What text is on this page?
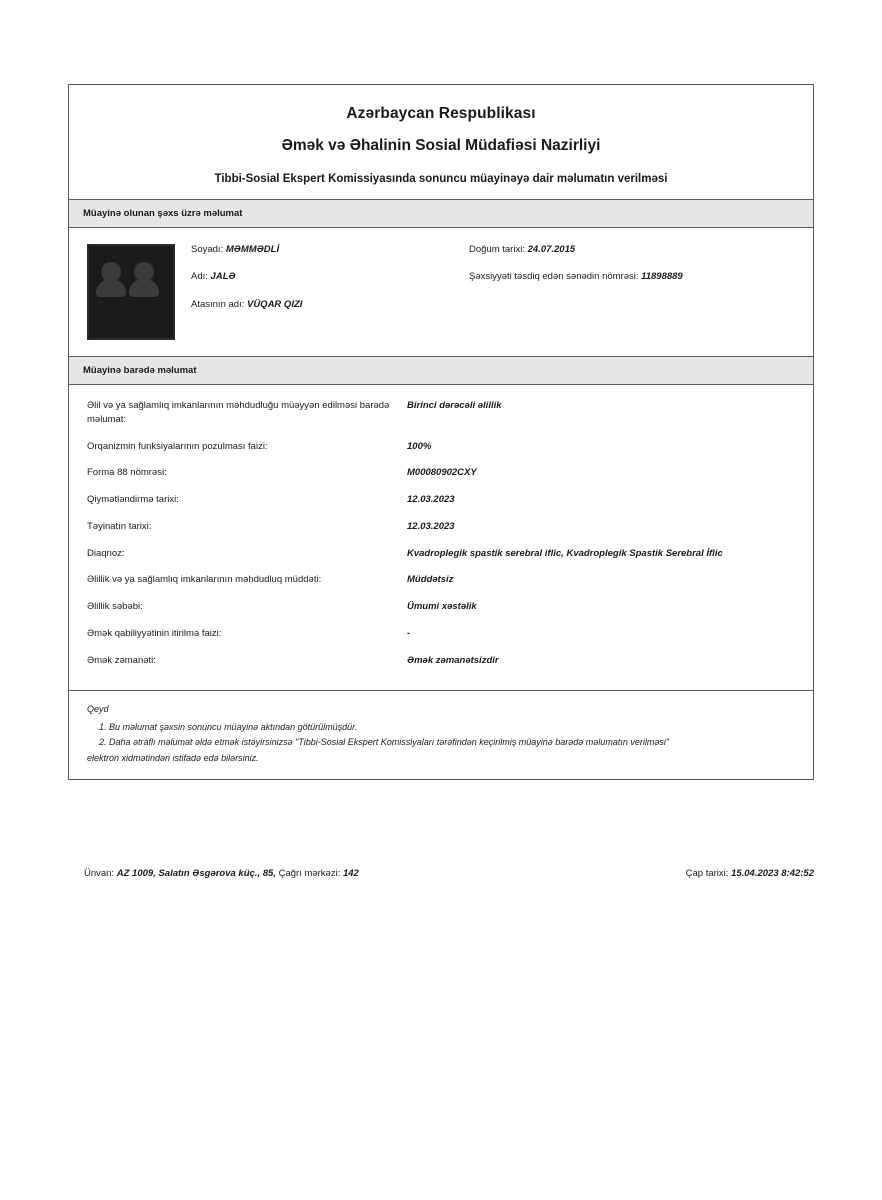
Azərbaycan Respublikası
Əmək və Əhalinin Sosial Müdafiəsi Nazirliyi
Tibbi-Sosial Ekspert Komissiyasında sonuncu müayinəyə dair məlumatın verilməsi
Müayinə olunan şəxs üzrə məlumat
Soyadı: MƏMMƏDLİ
Adı: JALƏ
Atasının adı: VÜQAR QIZI
Doğum tarixi: 24.07.2015
Şəxsiyyəti təsdiq edən sənədin nömrəsi: 11898889
Müayinə barədə məlumat
Əlil və ya sağlamlıq imkanlarının məhdudluğu müəyyən edilməsi barədə məlumat:
Birinci dərəcəli əlillik
Orqanizmin funksiyalarının pozulması faizi:	100%
Forma 88 nömrəsi:	M00080902CXY
Qiymətləndirmə tarixi:	12.03.2023
Təyinatın tarixi:	12.03.2023
Diaqnoz:	Kvadroplegik spastik serebral iflic, Kvadroplegik Spastik Serebral İflic
Əlillik və ya sağlamlıq imkanlarının məhdudluq müddəti:	Müddətsiz
Əlillik səbəbi:	Ümumi xəstəlik
Əmək qabiliyyətinin itirilmə faizi:	-
Əmək zəmanəti:	Əmək zəmanətsizdir
Qeyd
1. Bu məlumat şəxsin sonuncu müayinə aktından götürülmüşdür.
2. Daha ətraflı məlumat əldə etmək istəyirsinizsə "Tibbi-Sosial Ekspert Komissiyaları tərəfindən keçirilmiş müayinə barədə məlumatın verilməsi"
elektron xidmətindən istifadə edə bilərsiniz.
Ünvan: AZ 1009, Salatın Əsgərova küç., 85, Çağrı mərkəzi: 142	Çap tarixi: 15.04.2023 8:42:52
